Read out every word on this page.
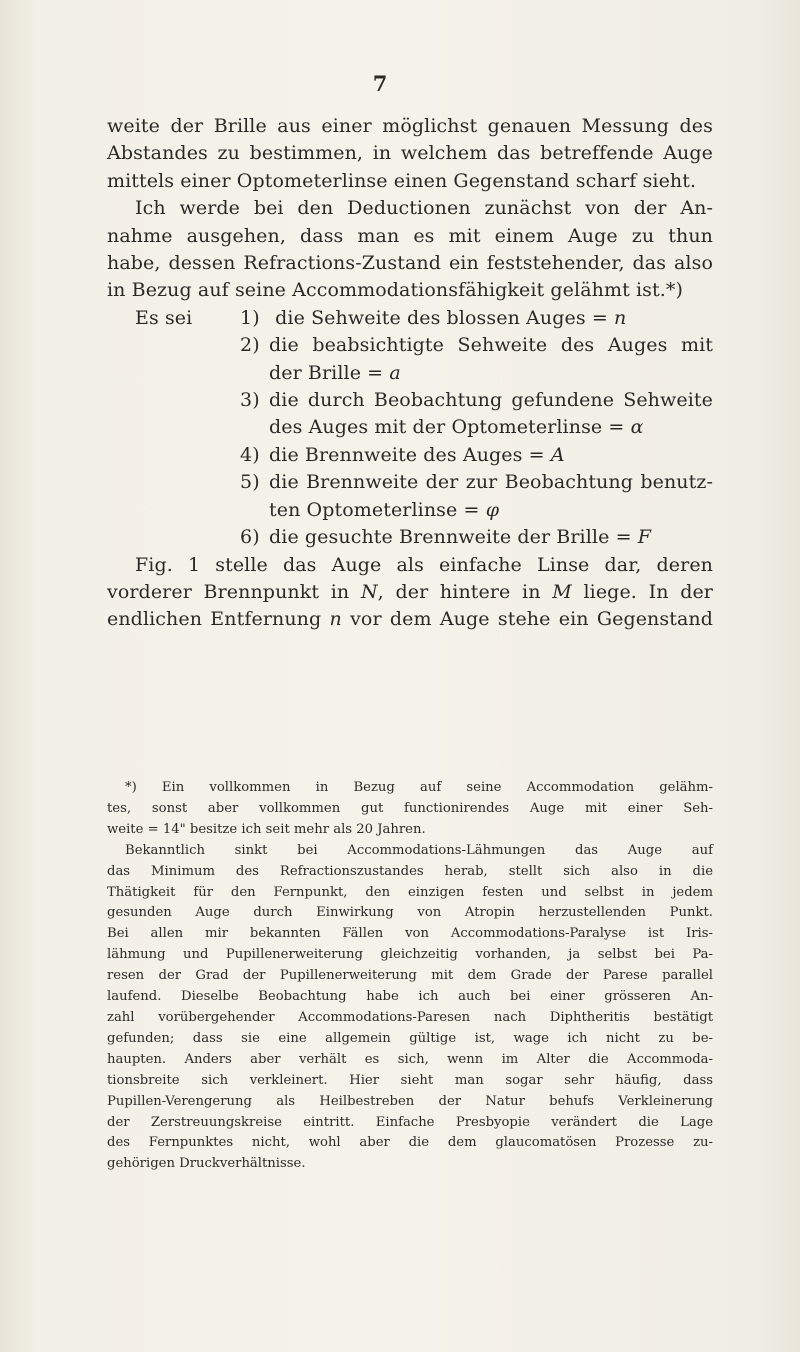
7

weite der Brille aus einer möglichst genauen Messung des
Abstandes zu bestimmen, in welchem das betreffende Auge

mittels einer Optometerlinse einen Gegenstand scharf sieht.

Ich werde bei den Deductionen zunächst von der An-

nahme ausgehen, dass man es mit einem Auge zu thun
habe, dessen Refractions-Zustand ein feststehender, das also

in Bezug auf seine Accommodationsfähigkeit gelähmt ist.*)

Es sei	1) die Sehweite des blossen Auges = n
2) die beabsichtigte Sehweite des Auges mit
der Brille = a
3) die durch Beobachtung gefundene Sehweite
des Auges mit der Optometerlinse = α
4) die Brennweite des Auges = A
5) die Brennweite der zur Beobachtung benutz-
ten Optometerlinse = φ
6) die gesuchte Brennweite der Brille = F

Fig. 1 stelle das Auge als einfache Linse dar, deren

vorderer Brennpunkt in N, der hintere in M liege. In der

endlichen Entfernung n vor dem Auge stehe ein Gegenstand

*) Ein vollkommen in Bezug auf seine Accommodation gelähm-
tes, sonst aber vollkommen gut functionirendes Auge mit einer Seh-
weite = 14" besitze ich seit mehr als 20 Jahren.

Bekanntlich sinkt bei Accommodations-Lähmungen das Auge auf
das Minimum des Refractionszustandes herab, stellt sich also in die
Thätigkeit für den Fernpunkt, den einzigen festen und selbst in jedem
gesunden Auge durch Einwirkung von Atropin herzustellenden Punkt.
Bei allen mir bekannten Fällen von Accommodations-Paralyse ist Iris-
lähmung und Pupillenerweiterung gleichzeitig vorhanden, ja selbst bei Pa-
resen der Grad der Pupillenerweiterung mit dem Grade der Parese parallel
laufend. Dieselbe Beobachtung habe ich auch bei einer grösseren An-
zahl vorübergehender Accommodations-Paresen nach Diphtheritis bestätigt
gefunden; dass sie eine allgemein gültige ist, wage ich nicht zu be-
haupten. Anders aber verhält es sich, wenn im Alter die Accommoda-
tionsbreite sich verkleinert. Hier sieht man sogar sehr häufig, dass
Pupillen-Verengerung als Heilbestreben der Natur behufs Verkleinerung
der Zerstreuungskreise eintritt. Einfache Presbyopie verändert die Lage
des Fernpunktes nicht, wohl aber die dem glaucomatösen Prozesse zu-
gehörigen Druckverhältnisse.
